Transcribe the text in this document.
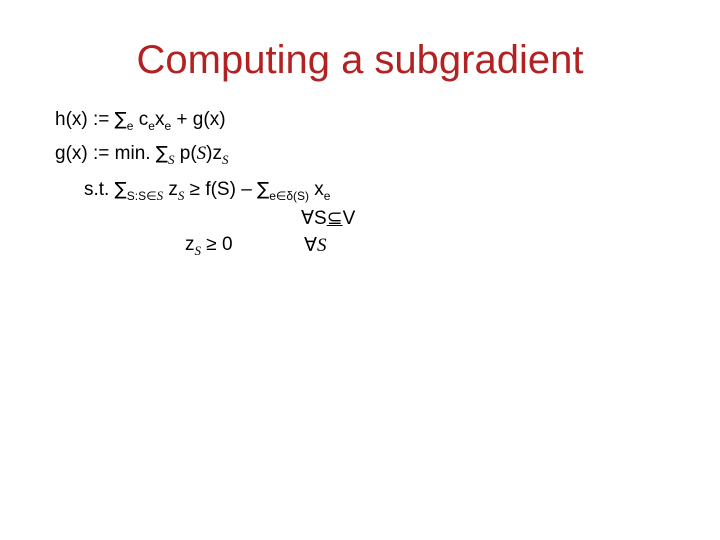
Computing a subgradient
h(x) := $\sum_e$ $c_ex_e + g(x)$
g(x) := min. $\sum_S$ $p(S)z_S$
s.t. $\sum_{S:S\in S}$ $z_S \ge f(S) - \sum_{e\in\delta(S)}$ $x_e$
∀S⊆V
$z_S \ge 0$	∀S
